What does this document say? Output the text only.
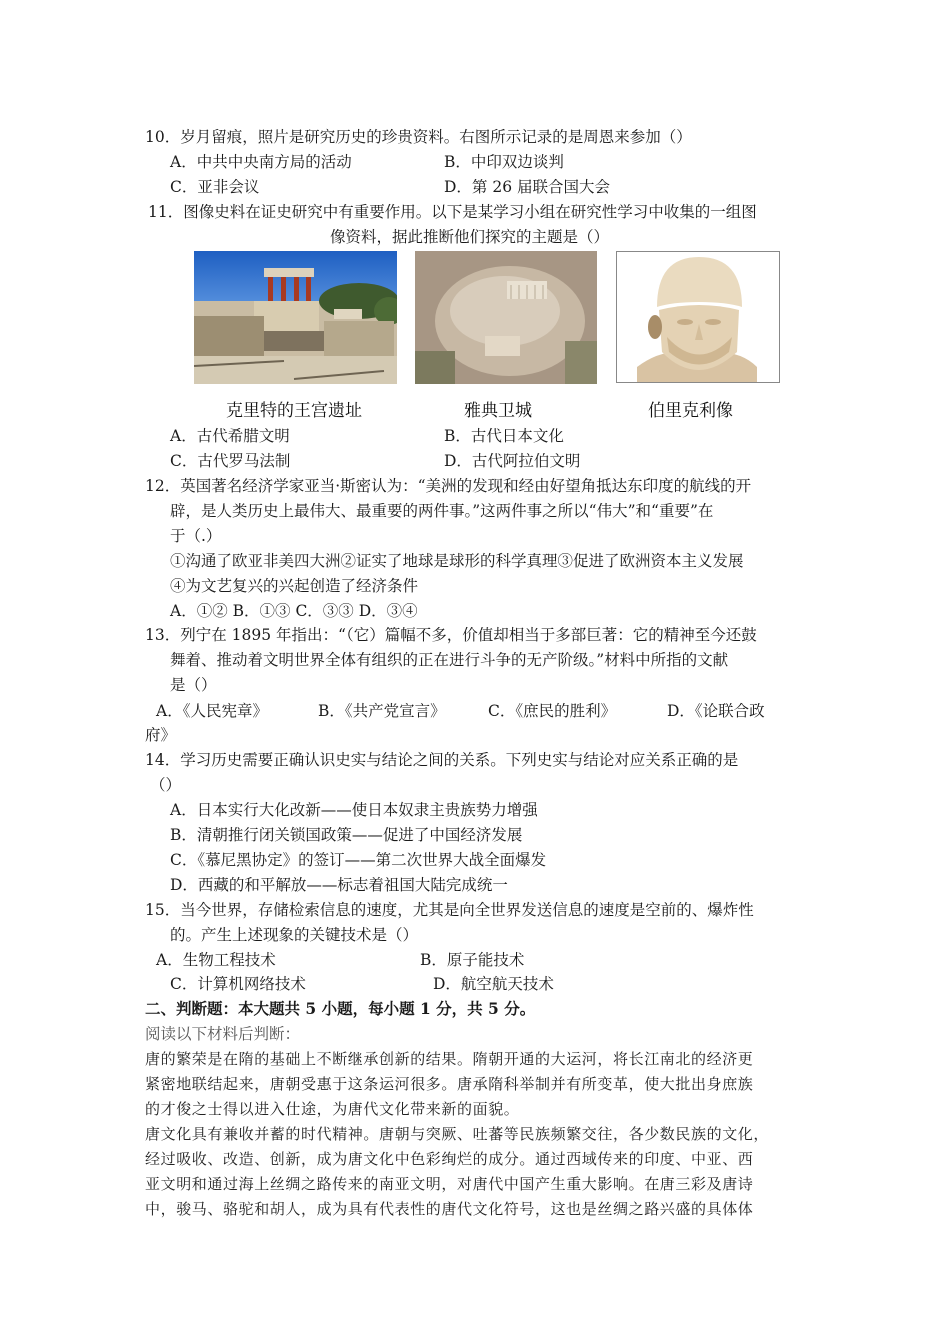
10．岁月留痕，照片是研究历史的珍贵资料。右图所示记录的是周恩来参加（）
A．中共中央南方局的活动	B．中印双边谈判
C．亚非会议	D．第 26 届联合国大会
11．图像史料在证史研究中有重要作用。以下是某学习小组在研究性学习中收集的一组图
像资料，据此推断他们探究的主题是（）
克里特的王宫遗址	雅典卫城	伯里克利像
A．古代希腊文明	B．古代日本文化
C．古代罗马法制	D．古代阿拉伯文明
12．英国著名经济学家亚当·斯密认为：“美洲的发现和经由好望角抵达东印度的航线的开
辟，是人类历史上最伟大、最重要的两件事。”这两件事之所以“伟大”和“重要”在
于（.）
①沟通了欧亚非美四大洲②证实了地球是球形的科学真理③促进了欧洲资本主义发展
④为文艺复兴的兴起创造了经济条件
A．①② B．①③ C．③③ D．③④
13．列宁在 1895 年指出：“（它）篇幅不多，价值却相当于多部巨著：它的精神至今还鼓
舞着、推动着文明世界全体有组织的正在进行斗争的无产阶级。”材料中所指的文献
是（）
A．《人民宪章》	B．《共产党宣言》	C．《庶民的胜利》	D．《论联合政
府》
14．学习历史需要正确认识史实与结论之间的关系。下列史实与结论对应关系正确的是
（）
A．日本实行大化改新——使日本奴隶主贵族势力增强
B．清朝推行闭关锁国政策——促进了中国经济发展
C．《慕尼黑协定》的签订——第二次世界大战全面爆发
D．西藏的和平解放——标志着祖国大陆完成统一
15．当今世界，存储检索信息的速度，尤其是向全世界发送信息的速度是空前的、爆炸性
的。产生上述现象的关键技术是（）
A．生物工程技术	B．原子能技术
C．计算机网络技术	D．航空航天技术
二、判断题：本大题共 5 小题，每小题 1 分，共 5 分。
阅读以下材料后判断：
唐的繁荣是在隋的基础上不断继承创新的结果。隋朝开通的大运河，将长江南北的经济更
紧密地联结起来，唐朝受惠于这条运河很多。唐承隋科举制并有所变革，使大批出身庶族
的才俊之士得以进入仕途，为唐代文化带来新的面貌。
唐文化具有兼收并蓄的时代精神。唐朝与突厥、吐蕃等民族频繁交往，各少数民族的文化，
经过吸收、改造、创新，成为唐文化中色彩绚烂的成分。通过西域传来的印度、中亚、西
亚文明和通过海上丝绸之路传来的南亚文明，对唐代中国产生重大影响。在唐三彩及唐诗
中，骏马、骆驼和胡人，成为具有代表性的唐代文化符号，这也是丝绸之路兴盛的具体体
